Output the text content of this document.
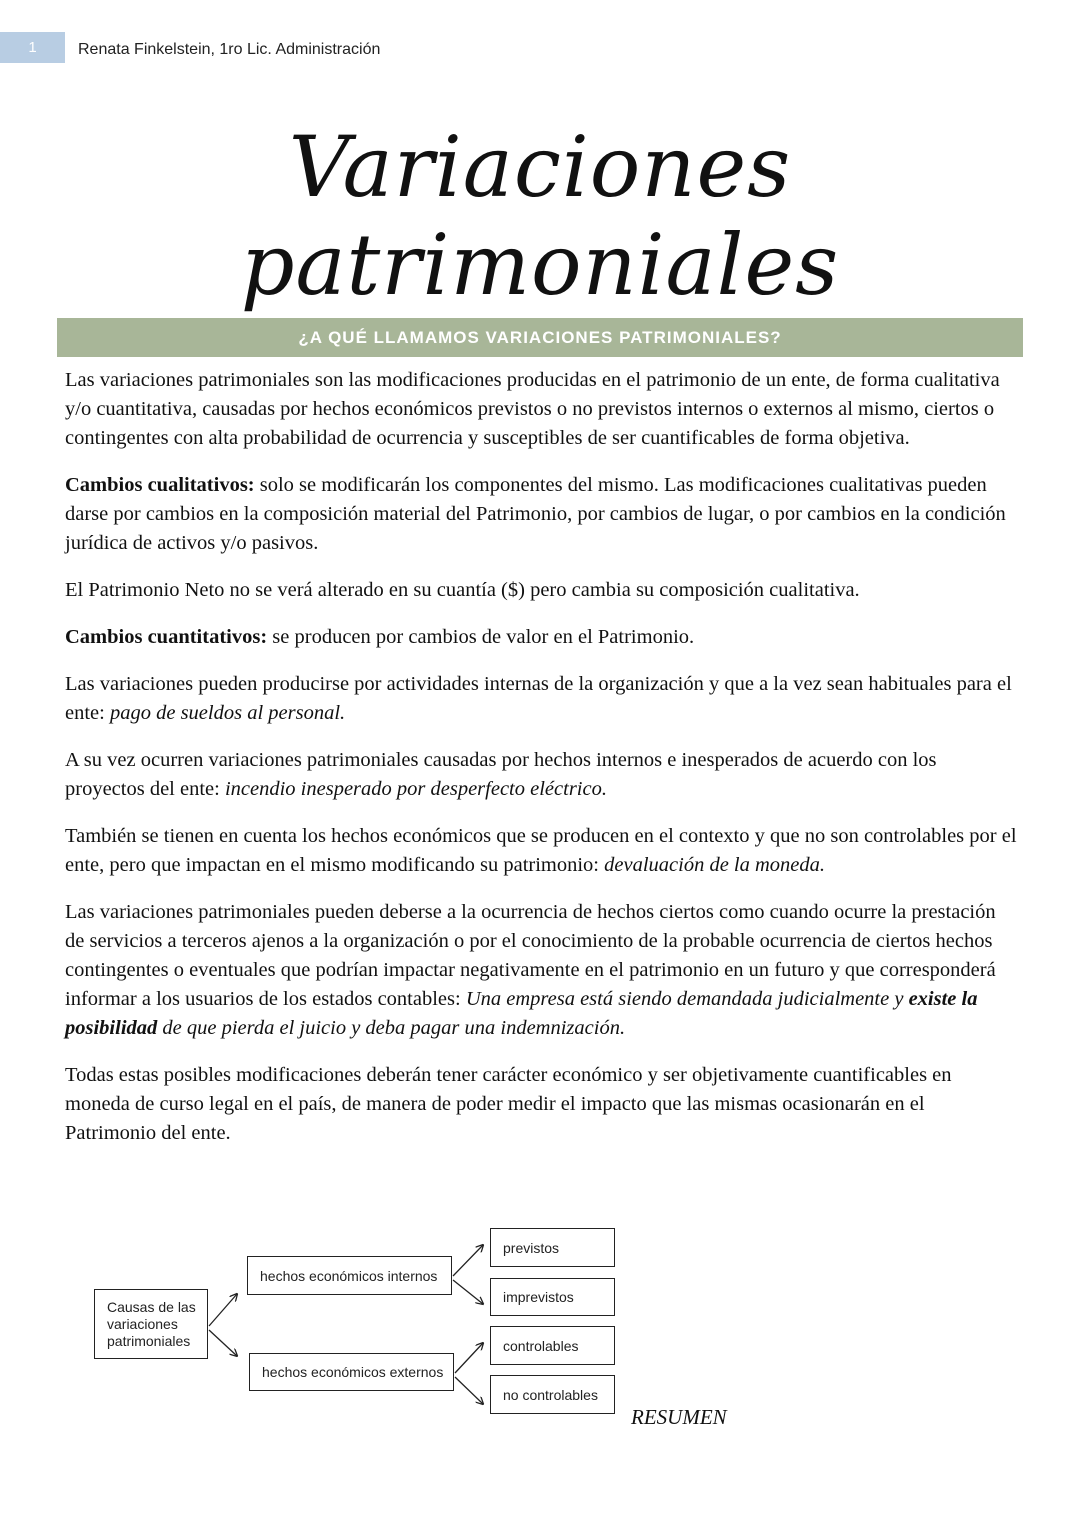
1	Renata Finkelstein, 1ro Lic. Administración
Variaciones patrimoniales
¿A QUÉ LLAMAMOS VARIACIONES PATRIMONIALES?

Las variaciones patrimoniales son las modificaciones producidas en el patrimonio de un ente, de forma cualitativa y/o cuantitativa, causadas por hechos económicos previstos o no previstos internos o externos al mismo, ciertos o contingentes con alta probabilidad de ocurrencia y susceptibles de ser cuantificables de forma objetiva.

Cambios cualitativos: solo se modificarán los componentes del mismo. Las modificaciones cualitativas pueden darse por cambios en la composición material del Patrimonio, por cambios de lugar, o por cambios en la condición jurídica de activos y/o pasivos.

El Patrimonio Neto no se verá alterado en su cuantía ($) pero cambia su composición cualitativa.

Cambios cuantitativos: se producen por cambios de valor en el Patrimonio.

Las variaciones pueden producirse por actividades internas de la organización y que a la vez sean habituales para el ente: pago de sueldos al personal.

A su vez ocurren variaciones patrimoniales causadas por hechos internos e inesperados de acuerdo con los proyectos del ente: incendio inesperado por desperfecto eléctrico.

También se tienen en cuenta los hechos económicos que se producen en el contexto y que no son controlables por el ente, pero que impactan en el mismo modificando su patrimonio: devaluación de la moneda.

Las variaciones patrimoniales pueden deberse a la ocurrencia de hechos ciertos como cuando ocurre la prestación de servicios a terceros ajenos a la organización o por el conocimiento de la probable ocurrencia de ciertos hechos contingentes o eventuales que podrían impactar negativamente en el patrimonio en un futuro y que corresponderá informar a los usuarios de los estados contables: Una empresa está siendo demandada judicialmente y existe la posibilidad de que pierda el juicio y deba pagar una indemnización.

Todas estas posibles modificaciones deberán tener carácter económico y ser objetivamente cuantificables en moneda de curso legal en el país, de manera de poder medir el impacto que las mismas ocasionarán en el Patrimonio del ente.

Causas de las variaciones patrimoniales
hechos económicos internos
hechos económicos externos
previstos
imprevistos
controlables
no controlables
RESUMEN
